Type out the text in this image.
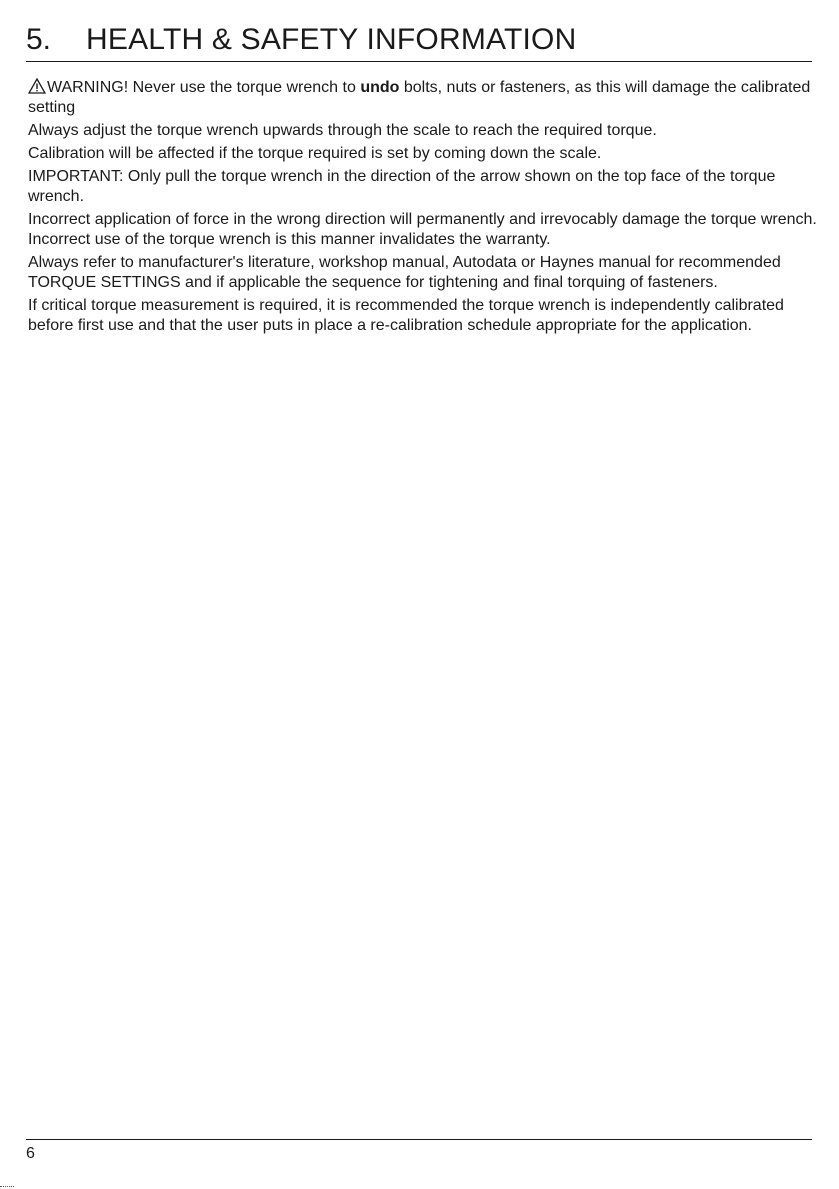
5. HEALTH & SAFETY INFORMATION

WARNING! Never use the torque wrench to undo bolts, nuts or fasteners, as this will damage the calibrated setting

Always adjust the torque wrench upwards through the scale to reach the required torque.

Calibration will be affected if the torque required is set by coming down the scale.

IMPORTANT: Only pull the torque wrench in the direction of the arrow shown on the top face of the torque wrench.

Incorrect application of force in the wrong direction will permanently and irrevocably damage the torque wrench. Incorrect use of the torque wrench is this manner invalidates the warranty.

Always refer to manufacturer's literature, workshop manual, Autodata or Haynes manual for recommended TORQUE SETTINGS and if applicable the sequence for tightening and final torquing of fasteners.

If critical torque measurement is required, it is recommended the torque wrench is independently calibrated before first use and that the user puts in place a re-calibration schedule appropriate for the application.

6
